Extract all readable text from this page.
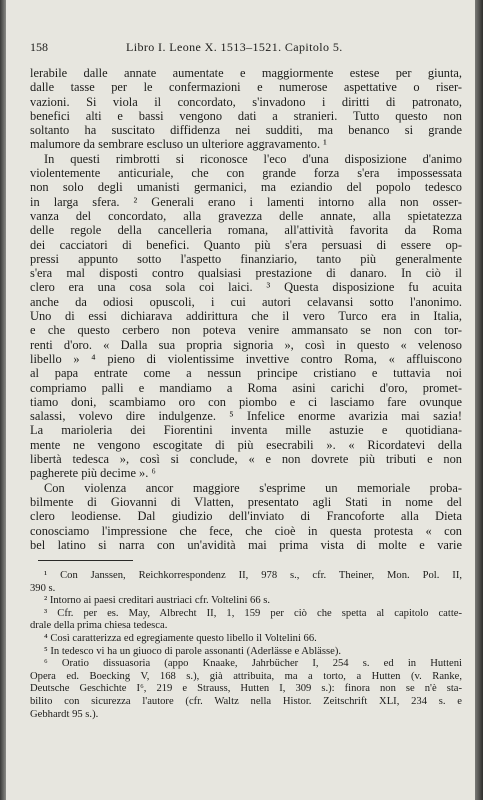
158	Libro I. Leone X. 1513–1521. Capitolo 5.
lerabile dalle annate aumentate e maggiormente estese per giunta,
dalle tasse per le confermazioni e numerose aspettative o riser-
vazioni. Si viola il concordato, s'invadono i diritti di patronato,
benefici alti e bassi vengono dati a stranieri. Tutto questo non
soltanto ha suscitato diffidenza nei sudditi, ma benanco si grande
malumore da sembrare escluso un ulteriore aggravamento. ¹
In questi rimbrotti si riconosce l'eco d'una disposizione d'animo
violentemente anticuriale, che con grande forza s'era impossessata
non solo degli umanisti germanici, ma eziandio del popolo tedesco
in larga sfera. ² Generali erano i lamenti intorno alla non osser-
vanza del concordato, alla gravezza delle annate, alla spietatezza
delle regole della cancelleria romana, all'attività favorita da Roma
dei cacciatori di benefici. Quanto più s'era persuasi di essere op-
pressi appunto sotto l'aspetto finanziario, tanto più generalmente
s'era mal disposti contro qualsiasi prestazione di danaro. In ciò il
clero era una cosa sola coi laici. ³ Questa disposizione fu acuita
anche da odiosi opuscoli, i cui autori celavansi sotto l'anonimo.
Uno di essi dichiarava addirittura che il vero Turco era in Italia,
e che questo cerbero non poteva venire ammansato se non con tor-
renti d'oro. « Dalla sua propria signoria », così in questo « velenoso
libello » ⁴ pieno di violentissime invettive contro Roma, « affluiscono
al papa entrate come a nessun principe cristiano e tuttavia noi
compriamo palli e mandiamo a Roma asini carichi d'oro, promet-
tiamo doni, scambiamo oro con piombo e ci lasciamo fare ovunque
salassi, volevo dire indulgenze. ⁵ Infelice enorme avarizia mai sazia!
La marioleria dei Fiorentini inventa mille astuzie e quotidiana-
mente ne vengono escogitate di più esecrabili ». « Ricordatevi della
libertà tedesca », così si conclude, « e non dovrete più tributi e non
pagherete più decime ». ⁶
Con violenza ancor maggiore s'esprime un memoriale proba-
bilmente di Giovanni di Vlatten, presentato agli Stati in nome del
clero leodiense. Dal giudizio dell'inviato di Francoforte alla Dieta
conosciamo l'impressione che fece, che cioè in questa protesta « con
bel latino si narra con un'avidità mai prima vista di molte e varie
¹ Con Janssen, Reichkorrespondenz II, 978 s., cfr. Theiner, Mon. Pol. II,
390 s.
² Intorno ai paesi creditari austriaci cfr. Voltelini 66 s.
³ Cfr. per es. May, Albrecht II, 1, 159 per ciò che spetta al capitolo catte-
drale della prima chiesa tedesca.
⁴ Così caratterizza ed egregiamente questo libello il Voltelini 66.
⁵ In tedesco vi ha un giuoco di parole assonanti (Aderlässe e Ablässe).
⁶ Oratio dissuasoria (appo Knaake, Jahrbücher I, 254 s. ed in Hutteni
Opera ed. Boecking V, 168 s.), già attribuita, ma a torto, a Hutten (v. Ranke,
Deutsche Geschichte I⁶, 219 e Strauss, Hutten I, 309 s.): finora non se n'è sta-
bilito con sicurezza l'autore (cfr. Waltz nella Histor. Zeitschrift XLI, 234 s. e
Gebhardt 95 s.).
